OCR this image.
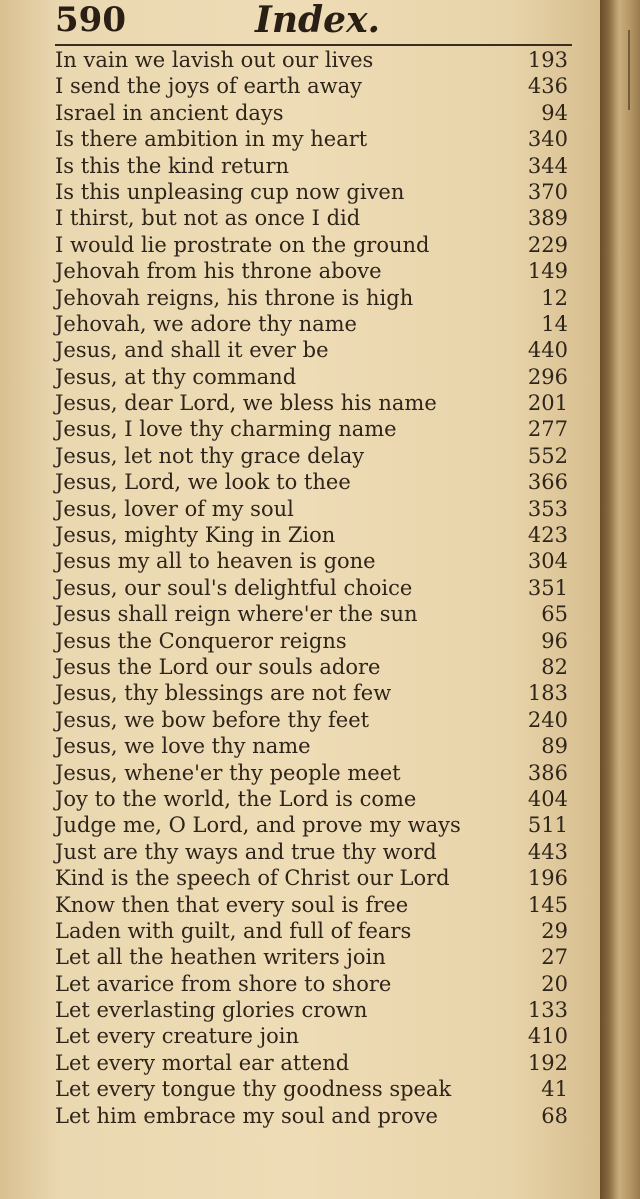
590	Index.
In vain we lavish out our lives	193
I send the joys of earth away	436
Israel in ancient days	94
Is there ambition in my heart	340
Is this the kind return	344
Is this unpleasing cup now given	370
I thirst, but not as once I did	389
I would lie prostrate on the ground	229
Jehovah from his throne above	149
Jehovah reigns, his throne is high	12
Jehovah, we adore thy name	14
Jesus, and shall it ever be	440
Jesus, at thy command	296
Jesus, dear Lord, we bless his name	201
Jesus, I love thy charming name	277
Jesus, let not thy grace delay	552
Jesus, Lord, we look to thee	366
Jesus, lover of my soul	353
Jesus, mighty King in Zion	423
Jesus my all to heaven is gone	304
Jesus, our soul's delightful choice	351
Jesus shall reign where'er the sun	65
Jesus the Conqueror reigns	96
Jesus the Lord our souls adore	82
Jesus, thy blessings are not few	183
Jesus, we bow before thy feet	240
Jesus, we love thy name	89
Jesus, whene'er thy people meet	386
Joy to the world, the Lord is come	404
Judge me, O Lord, and prove my ways	511
Just are thy ways and true thy word	443
Kind is the speech of Christ our Lord	196
Know then that every soul is free	145
Laden with guilt, and full of fears	29
Let all the heathen writers join	27
Let avarice from shore to shore	20
Let everlasting glories crown	133
Let every creature join	410
Let every mortal ear attend	192
Let every tongue thy goodness speak	41
Let him embrace my soul and prove	68
